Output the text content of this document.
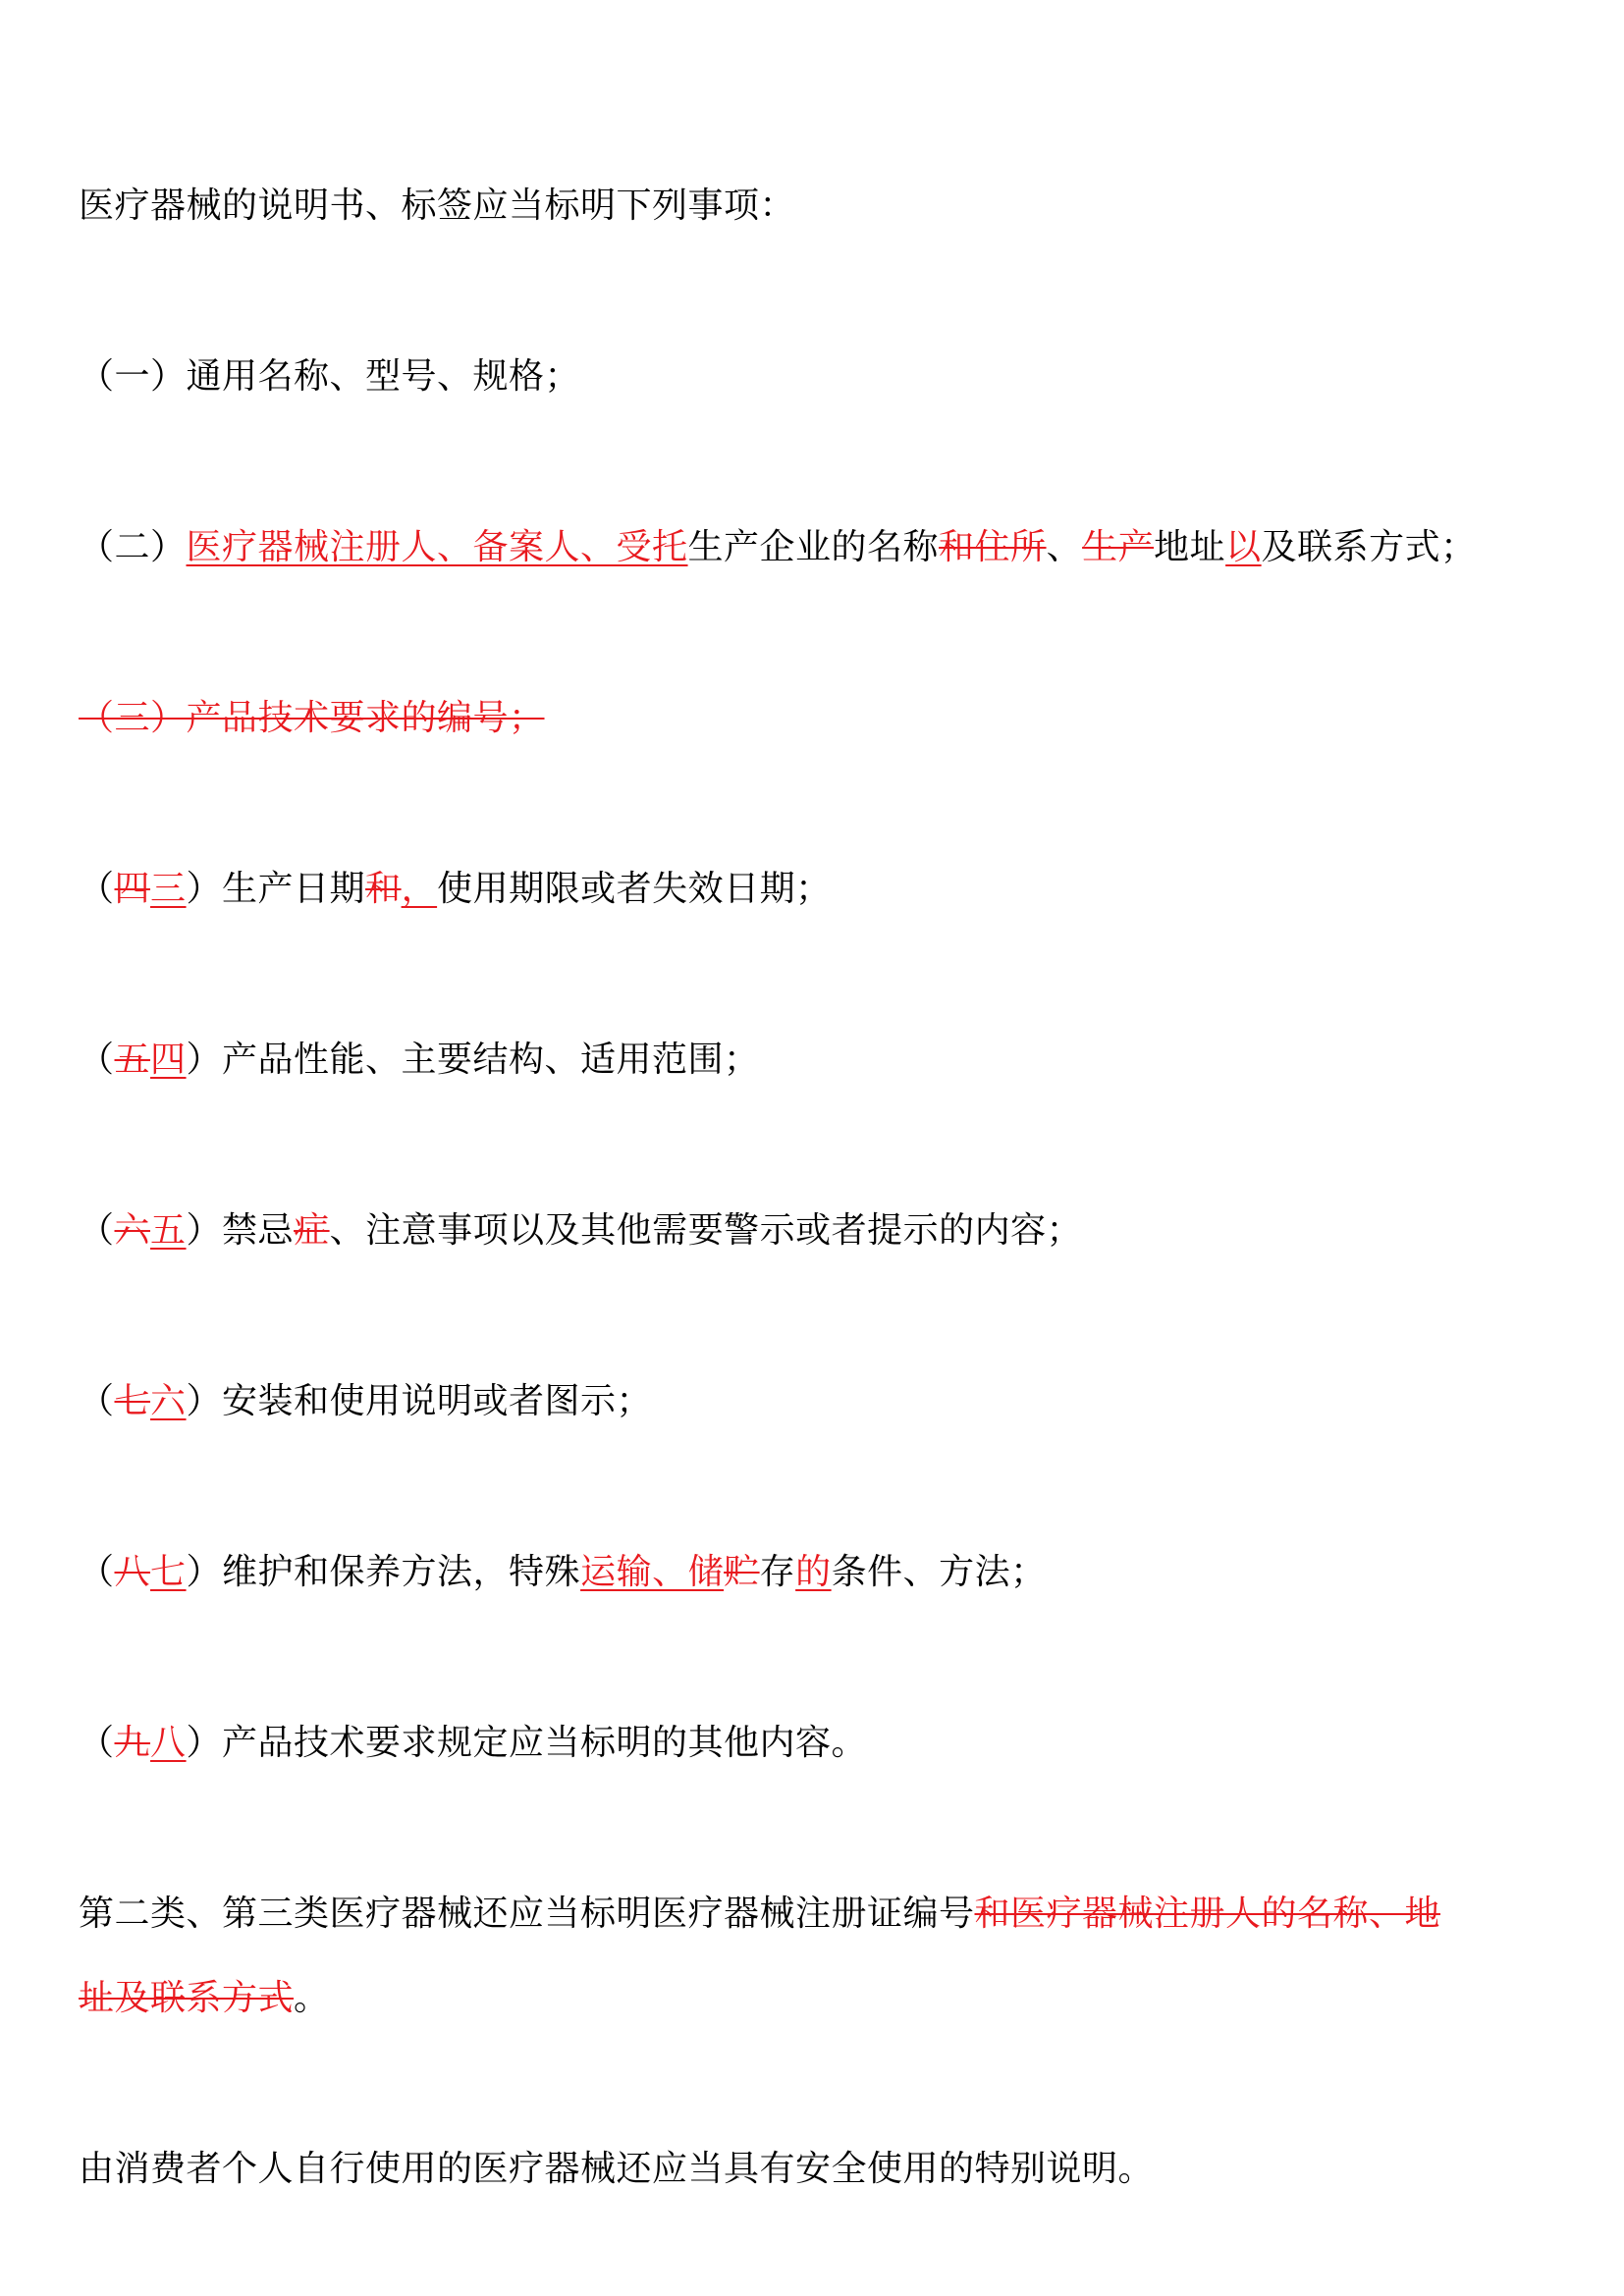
医疗器械的说明书、标签应当标明下列事项：
（一）通用名称、型号、规格；
（二）医疗器械注册人、备案人、受托生产企业的名称和住所、生产地址以及联系方式；
（三）产品技术要求的编号；
（四三）生产日期和，使用期限或者失效日期；
（五四）产品性能、主要结构、适用范围；
（六五）禁忌症、注意事项以及其他需要警示或者提示的内容；
（七六）安装和使用说明或者图示；
（八七）维护和保养方法，特殊运输、储贮存的条件、方法；
（九八）产品技术要求规定应当标明的其他内容。
第二类、第三类医疗器械还应当标明医疗器械注册证编号和医疗器械注册人的名称、地
址及联系方式。
由消费者个人自行使用的医疗器械还应当具有安全使用的特别说明。
